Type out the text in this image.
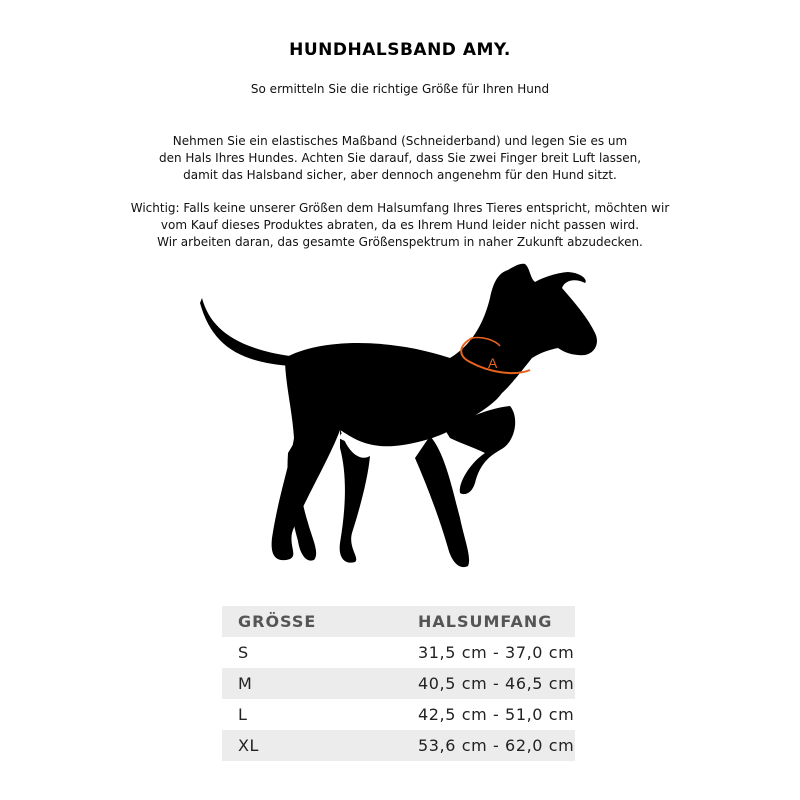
HUNDHALSBAND AMY.
So ermitteln Sie die richtige Größe für Ihren Hund
Nehmen Sie ein elastisches Maßband (Schneiderband) und legen Sie es um
den Hals Ihres Hundes. Achten Sie darauf, dass Sie zwei Finger breit Luft lassen,
damit das Halsband sicher, aber dennoch angenehm für den Hund sitzt.
Wichtig: Falls keine unserer Größen dem Halsumfang Ihres Tieres entspricht, möchten wir
vom Kauf dieses Produktes abraten, da es Ihrem Hund leider nicht passen wird.
Wir arbeiten daran, das gesamte Größenspektrum in naher Zukunft abzudecken.
A
GRÖSSE	HALSUMFANG
S	31,5 cm - 37,0 cm
M	40,5 cm - 46,5 cm
L	42,5 cm - 51,0 cm
XL	53,6 cm - 62,0 cm
